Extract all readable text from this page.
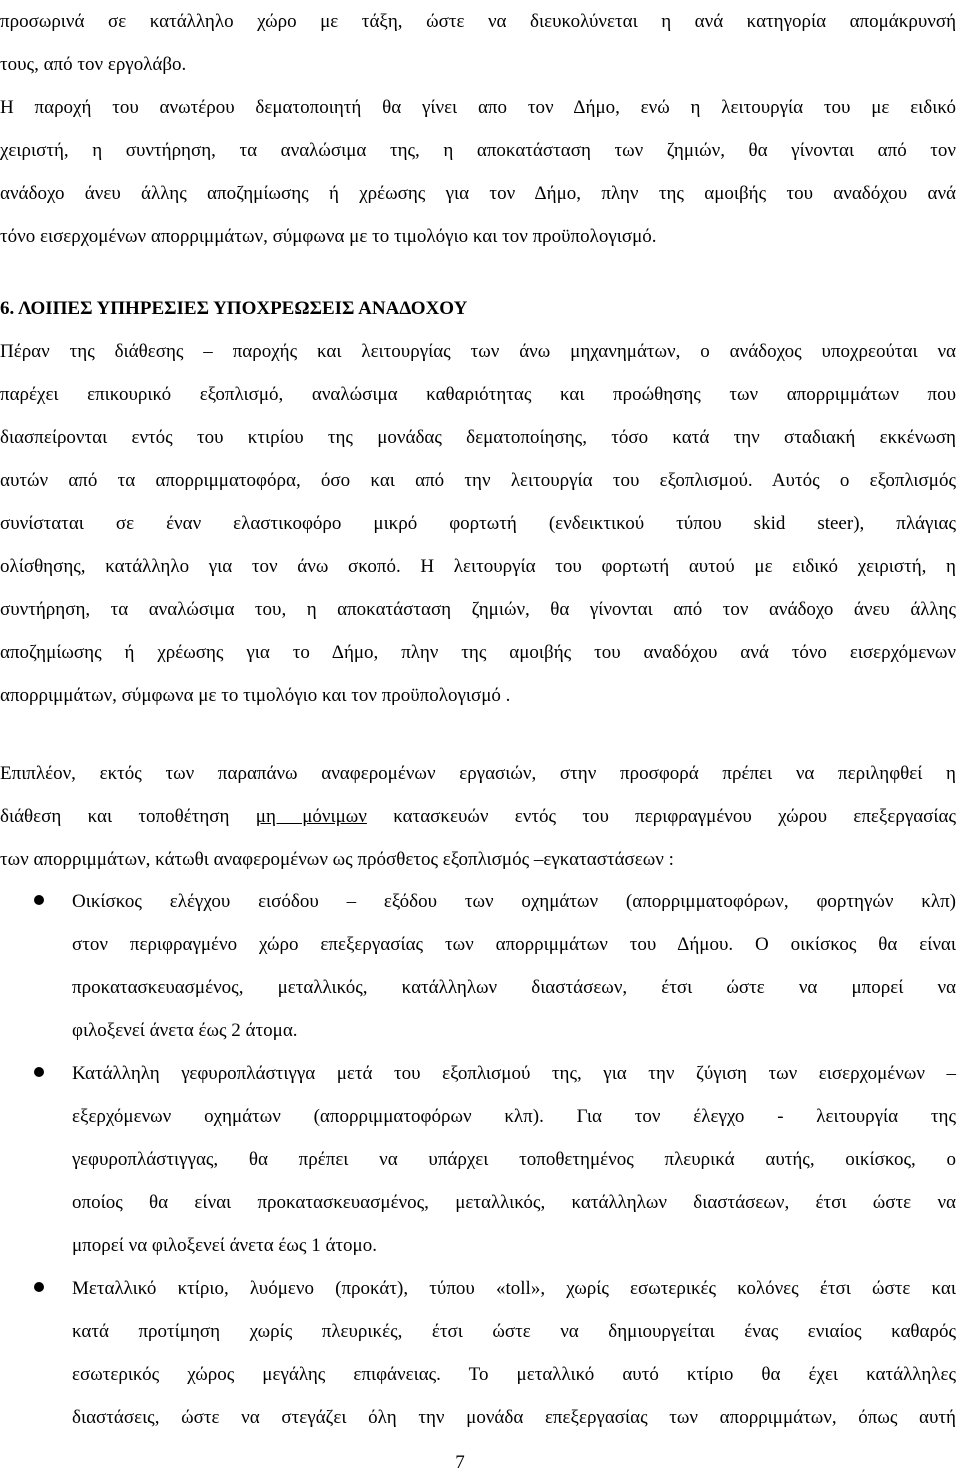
προσωρινά σε κατάλληλο χώρο με τάξη, ώστε να διευκολύνεται η ανά κατηγορία απομάκρυνσή
τους, από τον εργολάβο.
Η παροχή του ανωτέρου δεματοποιητή θα γίνει απο τον Δήμο, ενώ η λειτουργία του με ειδικό
χειριστή, η συντήρηση, τα αναλώσιμα της, η αποκατάσταση των ζημιών, θα γίνονται από τον
ανάδοχο άνευ άλλης αποζημίωσης ή χρέωσης για τον Δήμο, πλην της αμοιβής του αναδόχου ανά
τόνο εισερχομένων απορριμμάτων, σύμφωνα με το τιμολόγιο και τον προϋπολογισμό.
6. ΛΟΙΠΕΣ ΥΠΗΡΕΣΙΕΣ ΥΠΟΧΡΕΩΣΕΙΣ ΑΝΑΔΟΧΟΥ
Πέραν της διάθεσης – παροχής και λειτουργίας των άνω μηχανημάτων, ο ανάδοχος υποχρεούται να
παρέχει επικουρικό εξοπλισμό, αναλώσιμα καθαριότητας και προώθησης των απορριμμάτων που
διασπείρονται εντός του κτιρίου της μονάδας δεματοποίησης, τόσο κατά την σταδιακή εκκένωση
αυτών από τα απορριμματοφόρα, όσο και από την λειτουργία του εξοπλισμού. Αυτός ο εξοπλισμός
συνίσταται σε έναν ελαστικοφόρο μικρό φορτωτή (ενδεικτικού τύπου skid steer), πλάγιας
ολίσθησης, κατάλληλο για τον άνω σκοπό. Η λειτουργία του φορτωτή αυτού με ειδικό χειριστή, η
συντήρηση, τα αναλώσιμα του, η αποκατάσταση ζημιών, θα γίνονται από τον ανάδοχο άνευ άλλης
αποζημίωσης ή χρέωσης για το Δήμο, πλην της αμοιβής του αναδόχου ανά τόνο εισερχόμενων
απορριμμάτων, σύμφωνα με το τιμολόγιο και τον προϋπολογισμό .
Επιπλέον, εκτός των παραπάνω αναφερομένων εργασιών, στην προσφορά πρέπει να περιληφθεί η
διάθεση και τοποθέτηση μη μόνιμων κατασκευών εντός του περιφραγμένου χώρου επεξεργασίας
των απορριμμάτων, κάτωθι αναφερομένων ως πρόσθετος εξοπλισμός –εγκαταστάσεων :
Οικίσκος ελέγχου εισόδου – εξόδου των οχημάτων (απορριμματοφόρων, φορτηγών κλπ)
στον περιφραγμένο χώρο επεξεργασίας των απορριμμάτων του Δήμου. Ο οικίσκος θα είναι
προκατασκευασμένος, μεταλλικός, κατάλληλων διαστάσεων, έτσι ώστε να μπορεί να
φιλοξενεί άνετα έως 2 άτομα.
Κατάλληλη γεφυροπλάστιγγα μετά του εξοπλισμού της, για την ζύγιση των εισερχομένων –
εξερχόμενων οχημάτων (απορριμματοφόρων κλπ). Για τον έλεγχο - λειτουργία της
γεφυροπλάστιγγας, θα πρέπει να υπάρχει τοποθετημένος πλευρικά αυτής, οικίσκος, ο
οποίος θα είναι προκατασκευασμένος, μεταλλικός, κατάλληλων διαστάσεων, έτσι ώστε να
μπορεί να φιλοξενεί άνετα έως 1 άτομο.
Μεταλλικό κτίριο, λυόμενο (προκάτ), τύπου «toll», χωρίς εσωτερικές κολόνες έτσι ώστε και
κατά προτίμηση χωρίς πλευρικές, έτσι ώστε να δημιουργείται ένας ενιαίος καθαρός
εσωτερικός χώρος μεγάλης επιφάνειας. Το μεταλλικό αυτό κτίριο θα έχει κατάλληλες
διαστάσεις, ώστε να στεγάζει όλη την μονάδα επεξεργασίας των απορριμμάτων, όπως αυτή
7
